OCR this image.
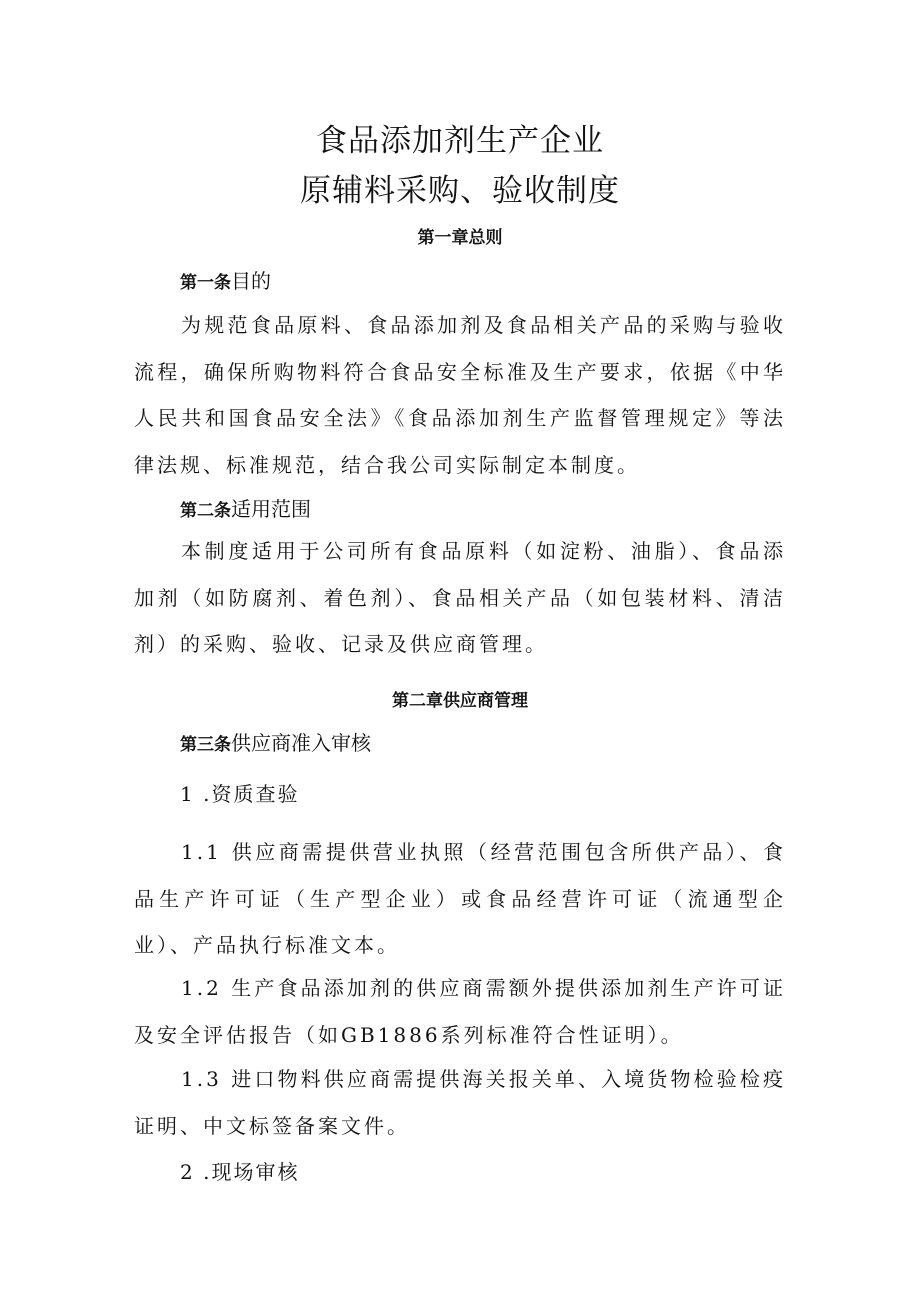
食品添加剂生产企业
原辅料采购、验收制度
第一章总则
第一条目的
为规范食品原料、食品添加剂及食品相关产品的采购与验收流程，确保所购物料符合食品安全标准及生产要求，依据《中华人民共和国食品安全法》《食品添加剂生产监督管理规定》等法律法规、标准规范，结合我公司实际制定本制度。
第二条适用范围
本制度适用于公司所有食品原料（如淀粉、油脂）、食品添加剂（如防腐剂、着色剂）、食品相关产品（如包装材料、清洁剂）的采购、验收、记录及供应商管理。
第二章供应商管理
第三条供应商准入审核
1 .资质查验
1.1 供应商需提供营业执照（经营范围包含所供产品）、食品生产许可证（生产型企业）或食品经营许可证（流通型企业）、产品执行标准文本。
1.2 生产食品添加剂的供应商需额外提供添加剂生产许可证及安全评估报告（如GB1886系列标准符合性证明）。
1.3 进口物料供应商需提供海关报关单、入境货物检验检疫证明、中文标签备案文件。
2 .现场审核
